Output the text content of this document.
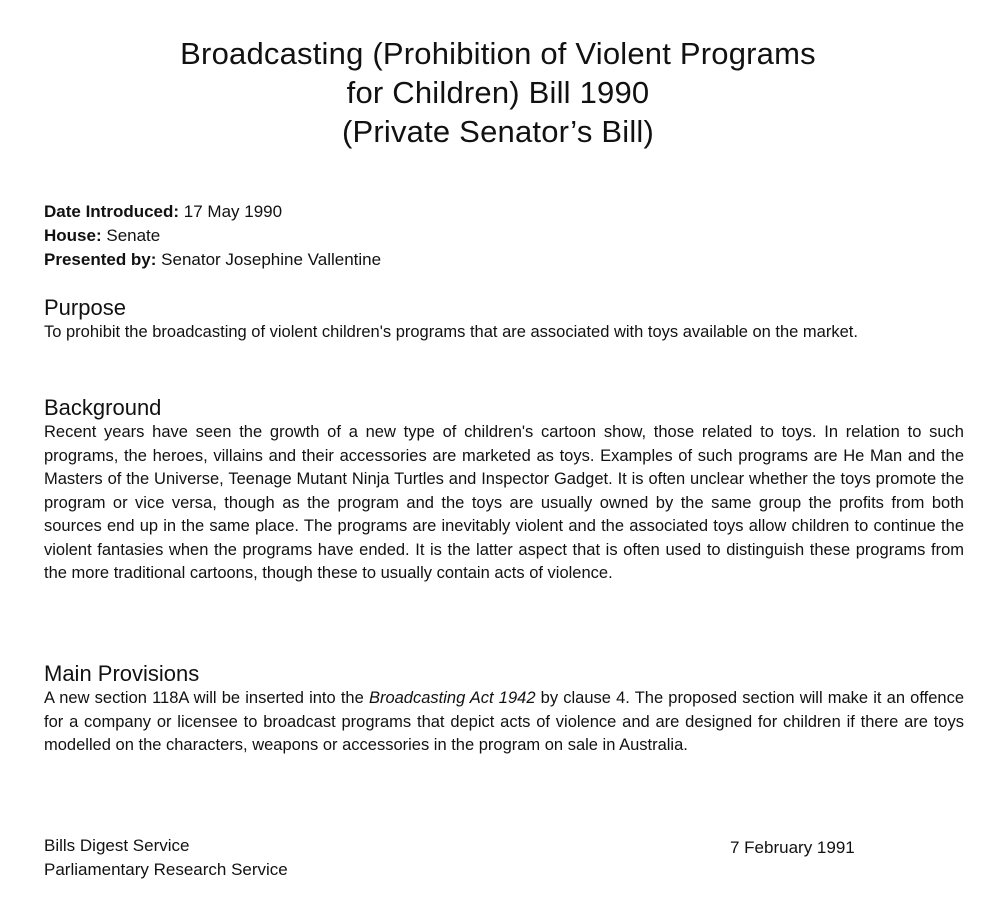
Broadcasting (Prohibition of Violent Programs
for Children) Bill 1990
(Private Senator’s Bill)
Date Introduced: 17 May 1990
House: Senate
Presented by: Senator Josephine Vallentine
Purpose

To prohibit the broadcasting of violent children's programs that are associated with toys available on the market.

Background

Recent years have seen the growth of a new type of children's cartoon show, those related to toys. In relation to such programs, the heroes, villains and their accessories are marketed as toys. Examples of such programs are He Man and the Masters of the Universe, Teenage Mutant Ninja Turtles and Inspector Gadget. It is often unclear whether the toys promote the program or vice versa, though as the program and the toys are usually owned by the same group the profits from both sources end up in the same place. The programs are inevitably violent and the associated toys allow children to continue the violent fantasies when the programs have ended. It is the latter aspect that is often used to distinguish these programs from the more traditional cartoons, though these to usually contain acts of violence.

Main Provisions

A new section 118A will be inserted into the Broadcasting Act 1942 by clause 4. The proposed section will make it an offence for a company or licensee to broadcast programs that depict acts of violence and are designed for children if there are toys modelled on the characters, weapons or accessories in the program on sale in Australia.

Bills Digest Service
Parliamentary Research Service
7 February 1991
